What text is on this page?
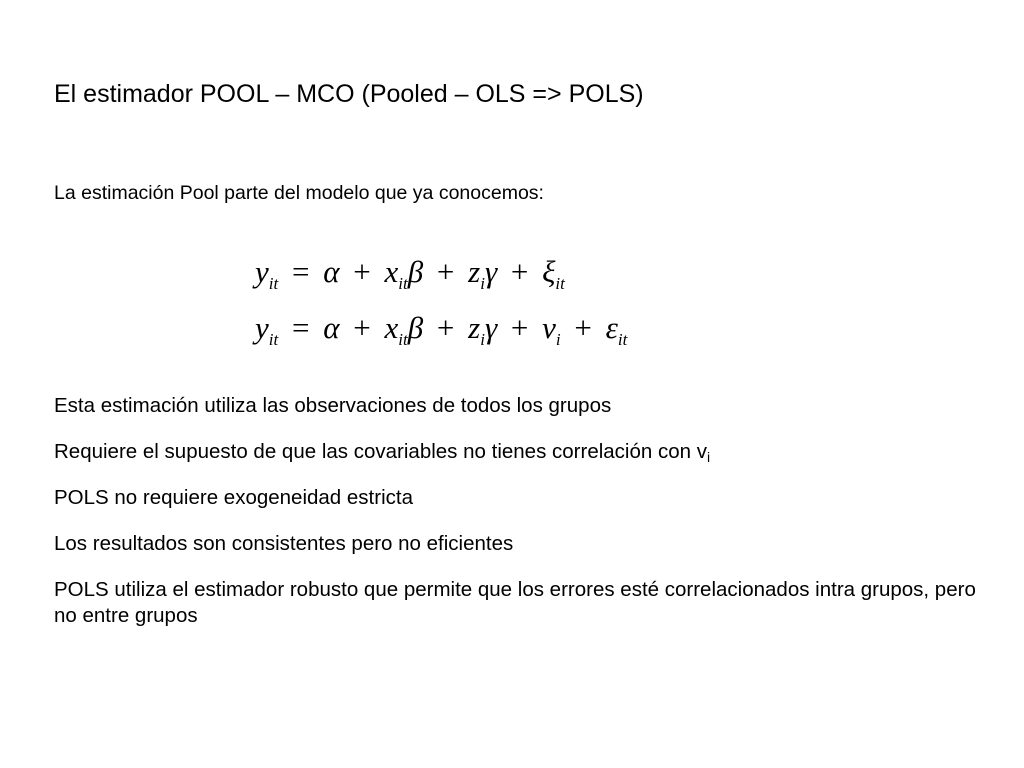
El estimador POOL – MCO (Pooled – OLS => POLS)
La estimación Pool parte del modelo que ya conocemos:
$y_{it} = \alpha + x_{it}\beta + z_i\gamma + \xi_{it}$
$y_{it} = \alpha + x_{it}\beta + z_i\gamma + \nu_i + \varepsilon_{it}$
Esta estimación utiliza las observaciones de todos los grupos
Requiere el supuesto de que las covariables no tienes correlación con $v_i$
POLS no requiere exogeneidad estricta
Los resultados son consistentes pero no eficientes
POLS utiliza el estimador robusto que permite que los errores esté correlacionados intra grupos, pero no entre grupos
